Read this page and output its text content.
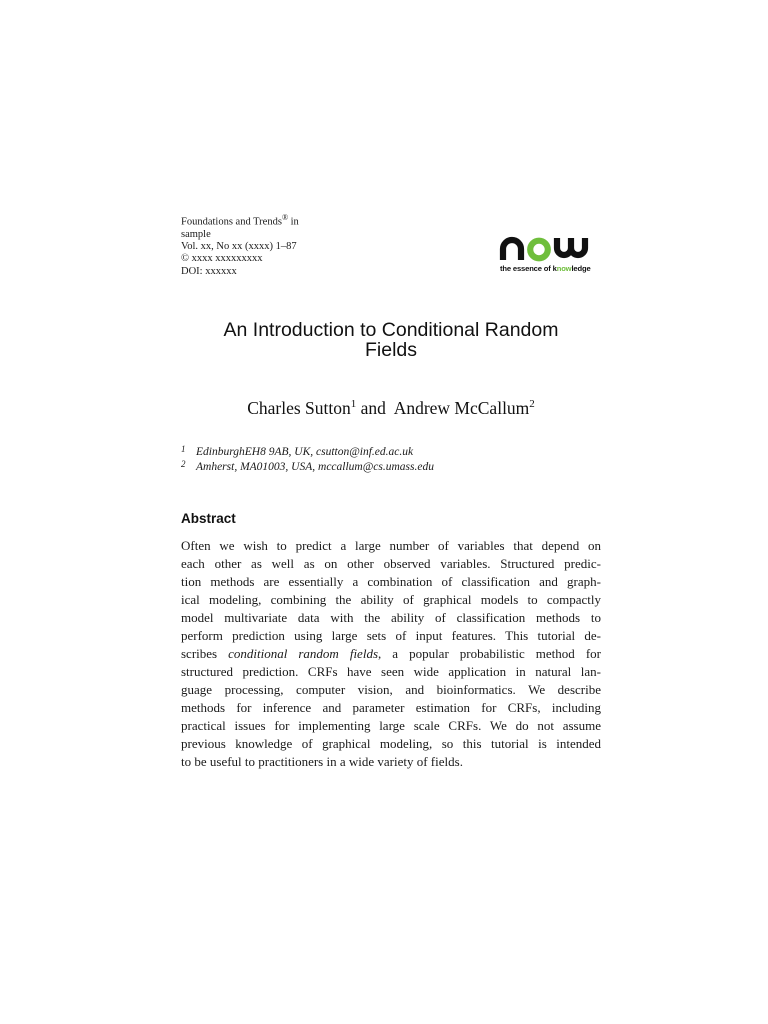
Foundations and Trends® in
sample
Vol. xx, No xx (xxxx) 1–87
© xxxx xxxxxxxxx
DOI: xxxxxx	the essence of knowledge
An Introduction to Conditional Random
Fields
Charles Sutton$^1$ and  Andrew McCallum$^2$
1 EdinburghEH8 9AB, UK, csutton@inf.ed.ac.uk
2 Amherst, MA01003, USA, mccallum@cs.umass.edu
Abstract
Often we wish to predict a large number of variables that depend on
each other as well as on other observed variables. Structured predic-
tion methods are essentially a combination of classification and graph-
ical modeling, combining the ability of graphical models to compactly
model multivariate data with the ability of classification methods to
perform prediction using large sets of input features. This tutorial de-
scribes conditional random fields, a popular probabilistic method for
structured prediction. CRFs have seen wide application in natural lan-
guage processing, computer vision, and bioinformatics. We describe
methods for inference and parameter estimation for CRFs, including
practical issues for implementing large scale CRFs. We do not assume
previous knowledge of graphical modeling, so this tutorial is intended
to be useful to practitioners in a wide variety of fields.
